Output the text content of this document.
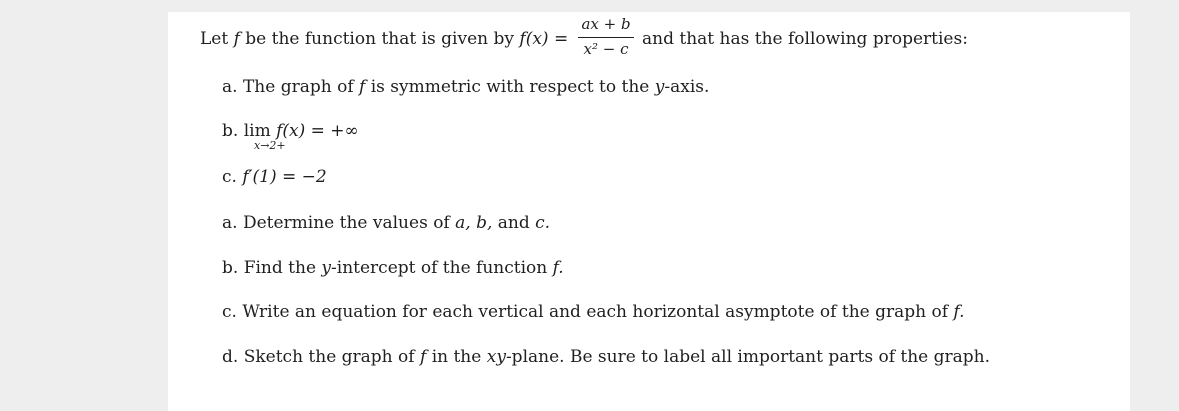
Let f be the function that is given by f(x) =
ax + b
x² − c and that has the following properties:
a. The graph of f is symmetric with respect to the y-axis.
b. lim f(x) = +∞
x→2+
c. f′(1) = −2
a. Determine the values of a, b, and c.
b. Find the y-intercept of the function f.
c. Write an equation for each vertical and each horizontal asymptote of the graph of f.
d. Sketch the graph of f in the xy-plane. Be sure to label all important parts of the graph.
